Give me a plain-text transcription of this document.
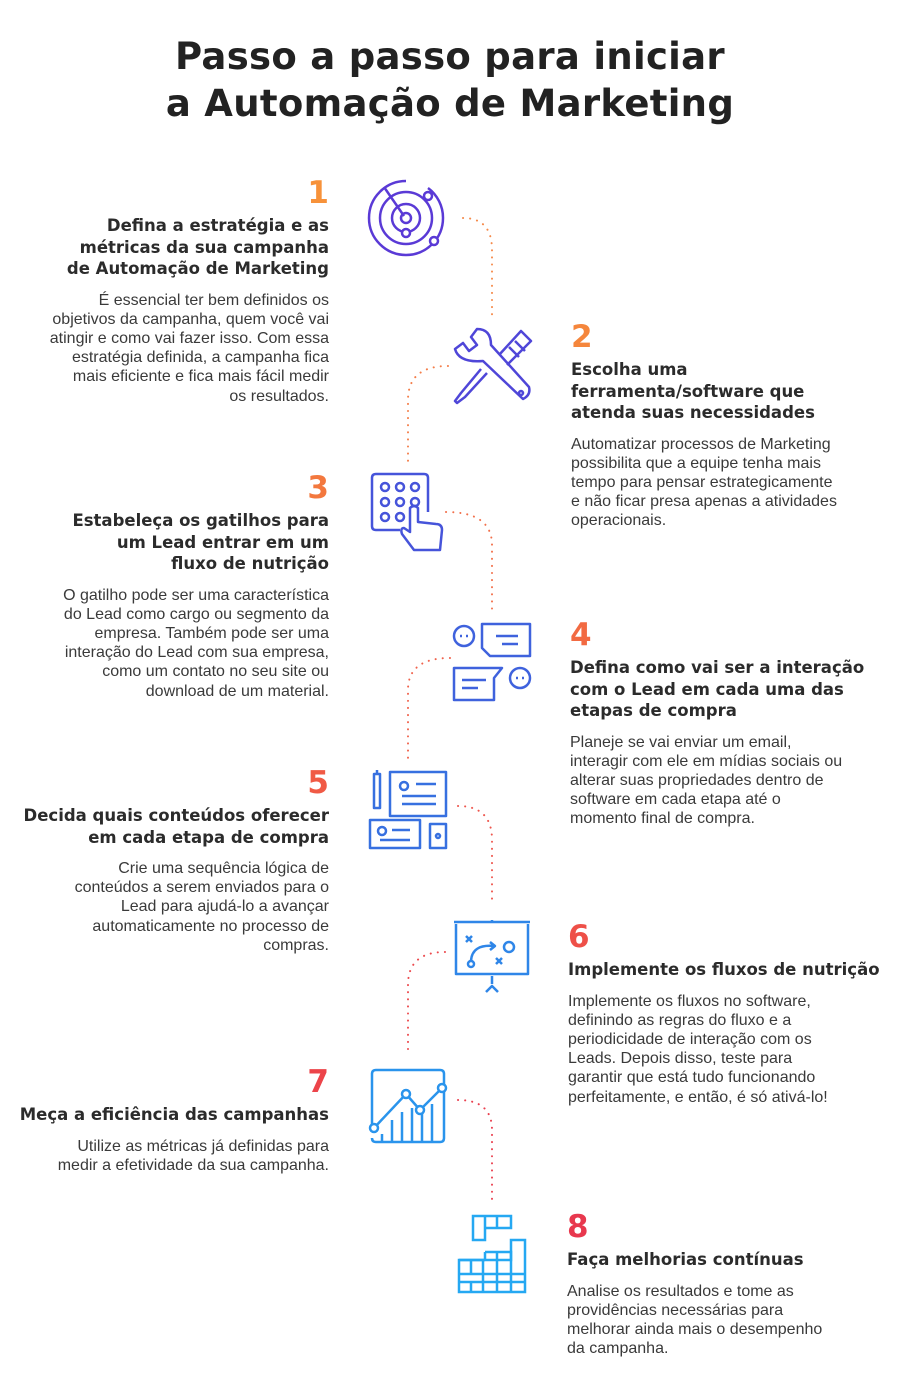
Passo a passo para iniciar
a Automação de Marketing
1
Defina a estratégia e as
métricas da sua campanha
de Automação de Marketing
É essencial ter bem definidos os
objetivos da campanha, quem você vai
atingir e como vai fazer isso. Com essa
estratégia definida, a campanha fica
mais eficiente e fica mais fácil medir
os resultados.
2
Escolha uma
ferramenta/software que
atenda suas necessidades
Automatizar processos de Marketing
possibilita que a equipe tenha mais
tempo para pensar estrategicamente
e não ficar presa apenas a atividades
operacionais.
3
Estabeleça os gatilhos para
um Lead entrar em um
fluxo de nutrição
O gatilho pode ser uma característica
do Lead como cargo ou segmento da
empresa. Também pode ser uma
interação do Lead com sua empresa,
como um contato no seu site ou
download de um material.
4
Defina como vai ser a interação
com o Lead em cada uma das
etapas de compra
Planeje se vai enviar um email,
interagir com ele em mídias sociais ou
alterar suas propriedades dentro de
software em cada etapa até o
momento final de compra.
5
Decida quais conteúdos oferecer
em cada etapa de compra
Crie uma sequência lógica de
conteúdos a serem enviados para o
Lead para ajudá-lo a avançar
automaticamente no processo de
compras.	6
Implemente os fluxos de nutrição
Implemente os fluxos no software,
definindo as regras do fluxo e a
periodicidade de interação com os
Leads. Depois disso, teste para
garantir que está tudo funcionando
perfeitamente, e então, é só ativá-lo!
7
Meça a eficiência das campanhas
Utilize as métricas já definidas para
medir a efetividade da sua campanha.
8
Faça melhorias contínuas
Analise os resultados e tome as
providências necessárias para
melhorar ainda mais o desempenho
da campanha.
